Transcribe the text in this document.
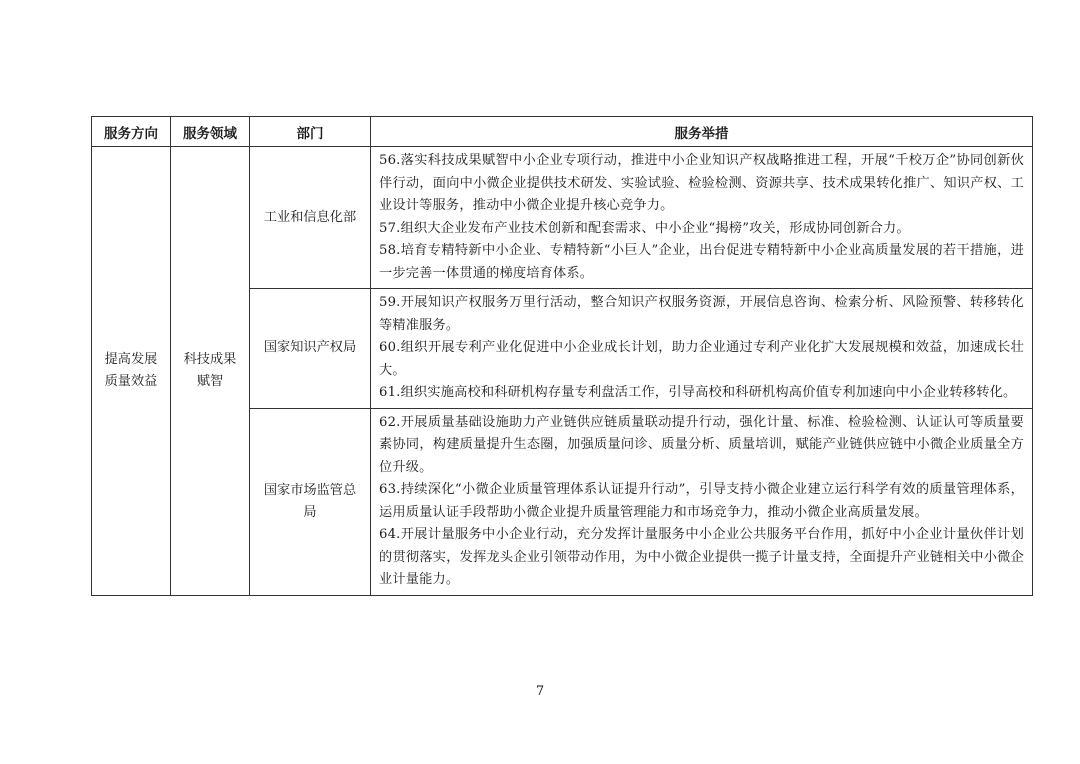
服务方向	服务领域	部门	服务举措
提高发展质量效益	科技成果赋智	工业和信息化部	56.落实科技成果赋智中小企业专项行动，推进中小企业知识产权战略推进工程，开展“千校万企”协同创新伙伴行动，面向中小微企业提供技术研发、实验试验、检验检测、资源共享、技术成果转化推广、知识产权、工业设计等服务，推动中小微企业提升核心竞争力。

57.组织大企业发布产业技术创新和配套需求、中小企业“揭榜”攻关，形成协同创新合力。

58.培育专精特新中小企业、专精特新“小巨人”企业，出台促进专精特新中小企业高质量发展的若干措施，进一步完善一体贯通的梯度培育体系。

		国家知识产权局	59.开展知识产权服务万里行活动，整合知识产权服务资源，开展信息咨询、检索分析、风险预警、转移转化等精准服务。

60.组织开展专利产业化促进中小企业成长计划，助力企业通过专利产业化扩大发展规模和效益，加速成长壮大。

61.组织实施高校和科研机构存量专利盘活工作，引导高校和科研机构高价值专利加速向中小企业转移转化。

		国家市场监管总局	62.开展质量基础设施助力产业链供应链质量联动提升行动，强化计量、标准、检验检测、认证认可等质量要素协同，构建质量提升生态圈，加强质量问诊、质量分析、质量培训，赋能产业链供应链中小微企业质量全方位升级。

63.持续深化“小微企业质量管理体系认证提升行动”，引导支持小微企业建立运行科学有效的质量管理体系，运用质量认证手段帮助小微企业提升质量管理能力和市场竞争力，推动小微企业高质量发展。

64.开展计量服务中小企业行动，充分发挥计量服务中小企业公共服务平台作用，抓好中小企业计量伙伴计划的贯彻落实，发挥龙头企业引领带动作用，为中小微企业提供一揽子计量支持，全面提升产业链相关中小微企业计量能力。

7
